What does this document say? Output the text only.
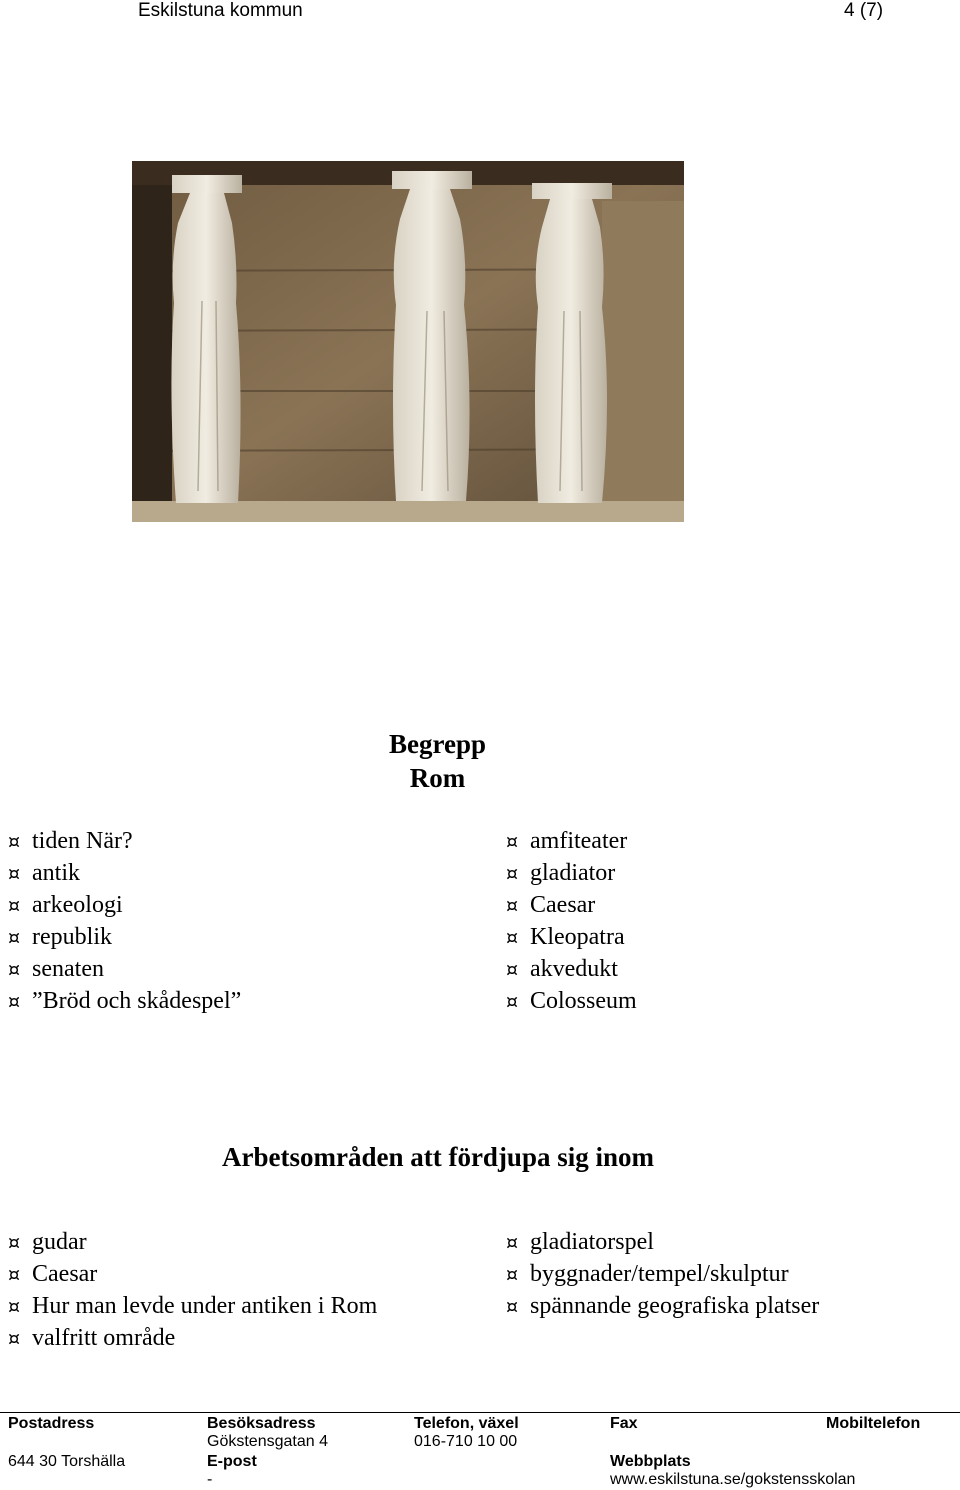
Eskilstuna kommun	4 (7)
Begrepp
Rom
¤ tiden När?
¤ antik
¤ arkeologi
¤ republik
¤ senaten
¤ ”Bröd och skådespel”
¤ amfiteater
¤ gladiator
¤ Caesar
¤ Kleopatra
¤ akvedukt
¤ Colosseum
Arbetsområden att fördjupa sig inom
¤ gudar
¤ Caesar
¤ Hur man levde under antiken i Rom
¤ valfritt område
¤ gladiatorspel
¤ byggnader/tempel/skulptur
¤ spännande geografiska platser
Postadress
644 30 Torshälla
Besöksadress
Gökstensgatan 4
E-post
-
Telefon, växel
016-710 10 00
Fax
Webbplats
www.eskilstuna.se/gokstensskolan
Mobiltelefon
